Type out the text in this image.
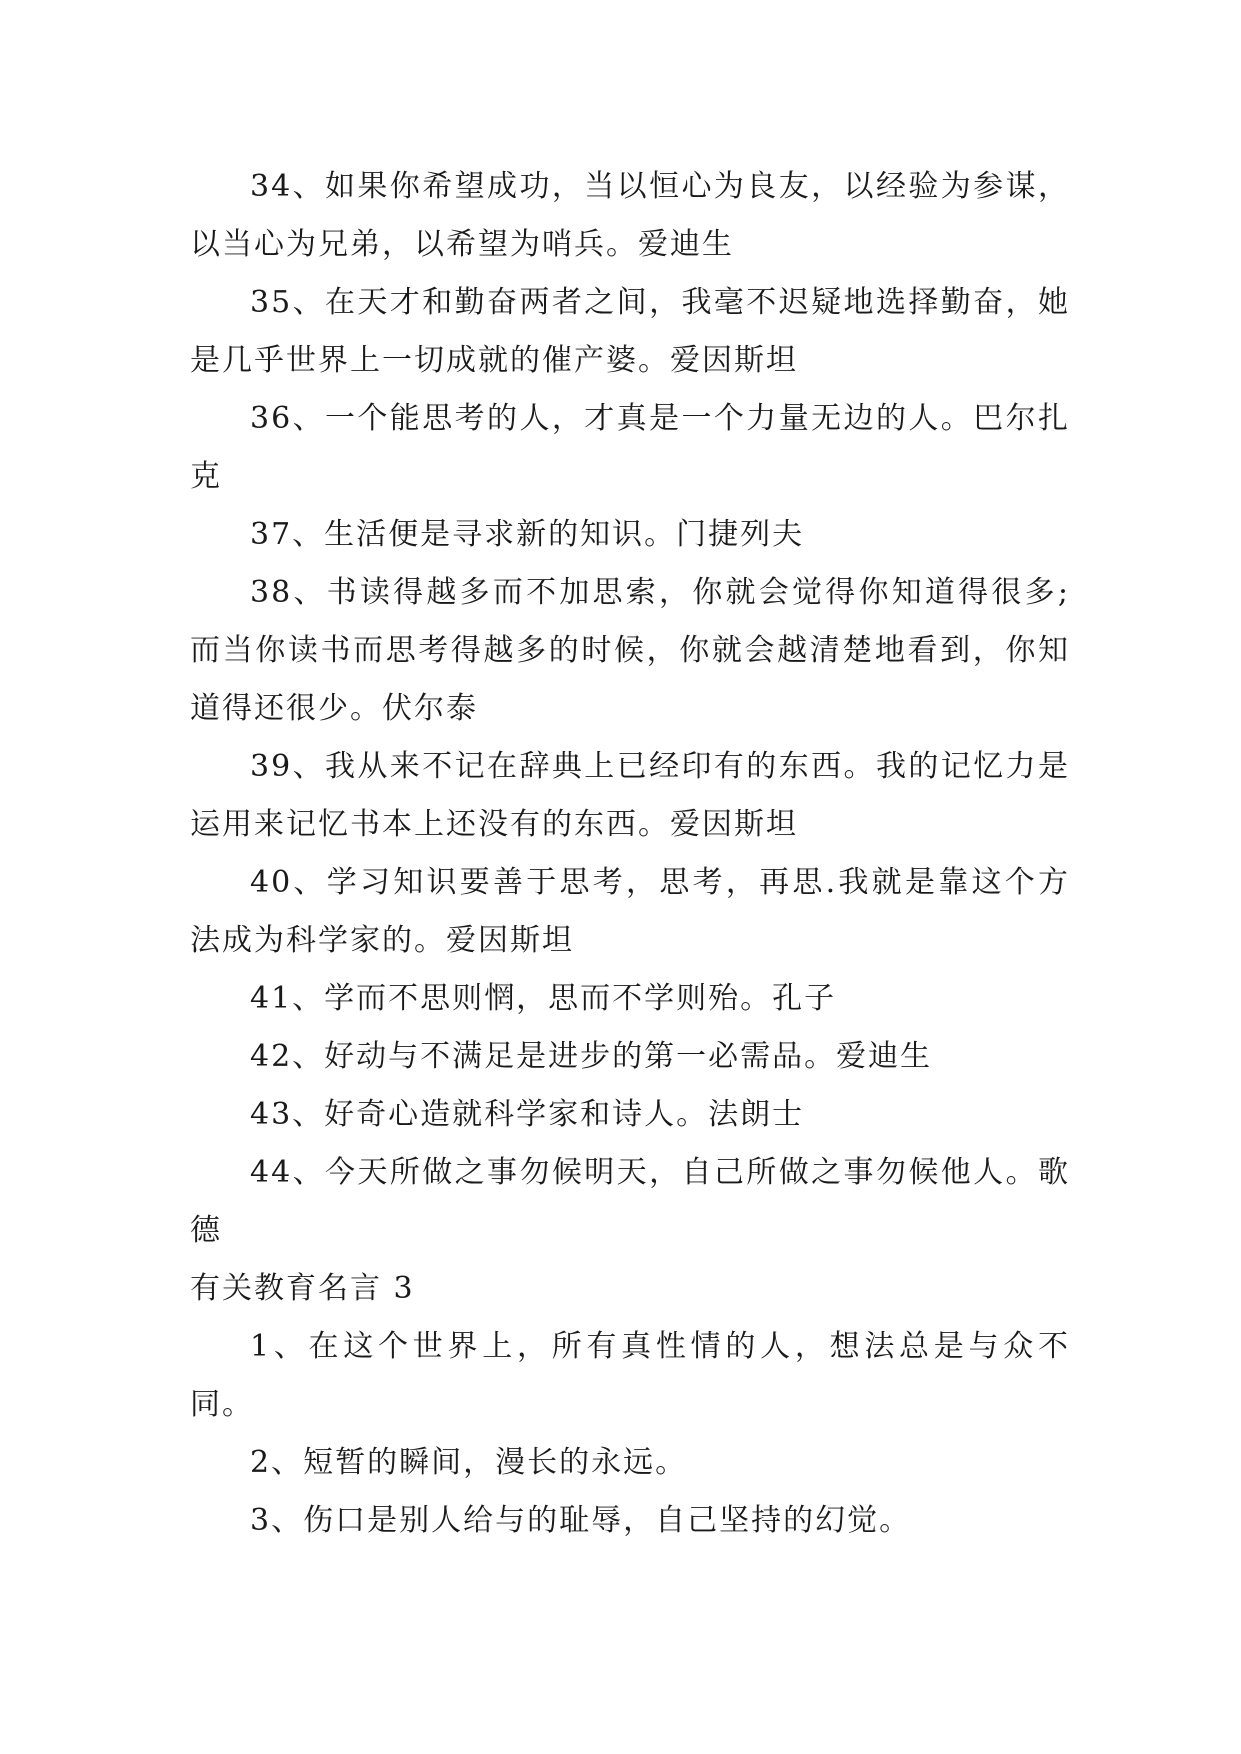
34、如果你希望成功，当以恒心为良友，以经验为参谋，以当心为兄弟，以希望为哨兵。爱迪生

35、在天才和勤奋两者之间，我毫不迟疑地选择勤奋，她是几乎世界上一切成就的催产婆。爱因斯坦

36、一个能思考的人，才真是一个力量无边的人。巴尔扎克

37、生活便是寻求新的知识。门捷列夫

38、书读得越多而不加思索，你就会觉得你知道得很多;而当你读书而思考得越多的时候，你就会越清楚地看到，你知道得还很少。伏尔泰

39、我从来不记在辞典上已经印有的东西。我的记忆力是运用来记忆书本上还没有的东西。爱因斯坦

40、学习知识要善于思考，思考，再思.我就是靠这个方法成为科学家的。爱因斯坦

41、学而不思则惘，思而不学则殆。孔子

42、好动与不满足是进步的第一必需品。爱迪生

43、好奇心造就科学家和诗人。法朗士

44、今天所做之事勿候明天，自己所做之事勿候他人。歌德

有关教育名言 3

1、在这个世界上，所有真性情的人，想法总是与众不同。

2、短暂的瞬间，漫长的永远。

3、伤口是别人给与的耻辱，自己坚持的幻觉。
